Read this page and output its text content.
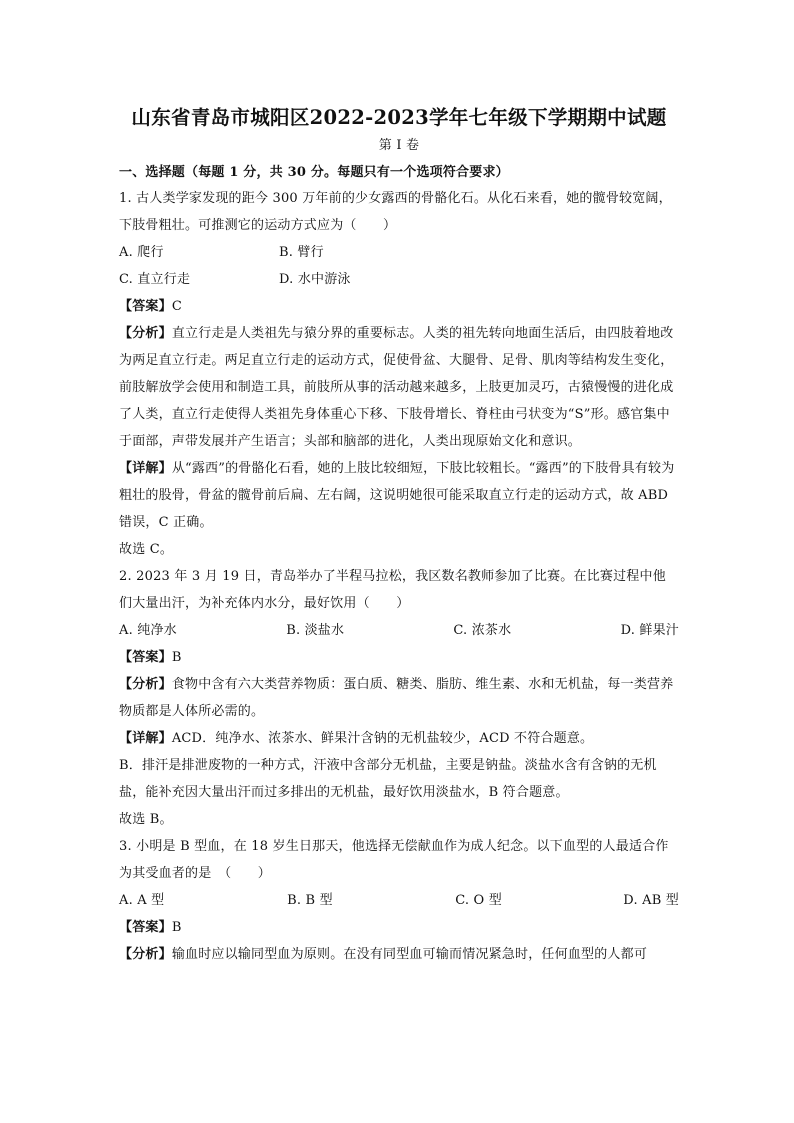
山东省青岛市城阳区2022-2023学年七年级下学期期中试题
第 I 卷
一、选择题（每题 1 分，共 30 分。每题只有一个选项符合要求）

1. 古人类学家发现的距今 300 万年前的少女露西的骨骼化石。从化石来看，她的髋骨较宽阔，下肢骨粗壮。可推测它的运动方式应为（　　）

A. 爬行	B. 臂行
C. 直立行走	D. 水中游泳

【答案】C

【分析】直立行走是人类祖先与猿分界的重要标志。人类的祖先转向地面生活后，由四肢着地改为两足直立行走。两足直立行走的运动方式，促使骨盆、大腿骨、足骨、肌肉等结构发生变化，前肢解放学会使用和制造工具，前肢所从事的活动越来越多，上肢更加灵巧，古猿慢慢的进化成了人类，直立行走使得人类祖先身体重心下移、下肢骨增长、脊柱由弓状变为“S”形。感官集中于面部，声带发展并产生语言；头部和脑部的进化，人类出现原始文化和意识。

【详解】从“露西”的骨骼化石看，她的上肢比较细短，下肢比较粗长。“露西”的下肢骨具有较为粗壮的股骨，骨盆的髋骨前后扁、左右阔，这说明她很可能采取直立行走的运动方式，故 ABD 错误，C 正确。

故选 C。

2. 2023 年 3 月 19 日，青岛举办了半程马拉松，我区数名教师参加了比赛。在比赛过程中他们大量出汗，为补充体内水分，最好饮用（　　）

A. 纯净水	B. 淡盐水	C. 浓茶水	D. 鲜果汁

【答案】B

【分析】食物中含有六大类营养物质：蛋白质、糖类、脂肪、维生素、水和无机盐，每一类营养物质都是人体所必需的。

【详解】ACD．纯净水、浓茶水、鲜果汁含钠的无机盐较少，ACD 不符合题意。

B．排汗是排泄废物的一种方式，汗液中含部分无机盐，主要是钠盐。淡盐水含有含钠的无机盐，能补充因大量出汗而过多排出的无机盐，最好饮用淡盐水，B 符合题意。

故选 B。

3. 小明是 B 型血，在 18 岁生日那天，他选择无偿献血作为成人纪念。以下血型的人最适合作为其受血者的是　（　　）

A. A 型	B. B 型	C. O 型	D. AB 型

【答案】B

【分析】输血时应以输同型血为原则。在没有同型血可输而情况紧急时，任何血型的人都可
